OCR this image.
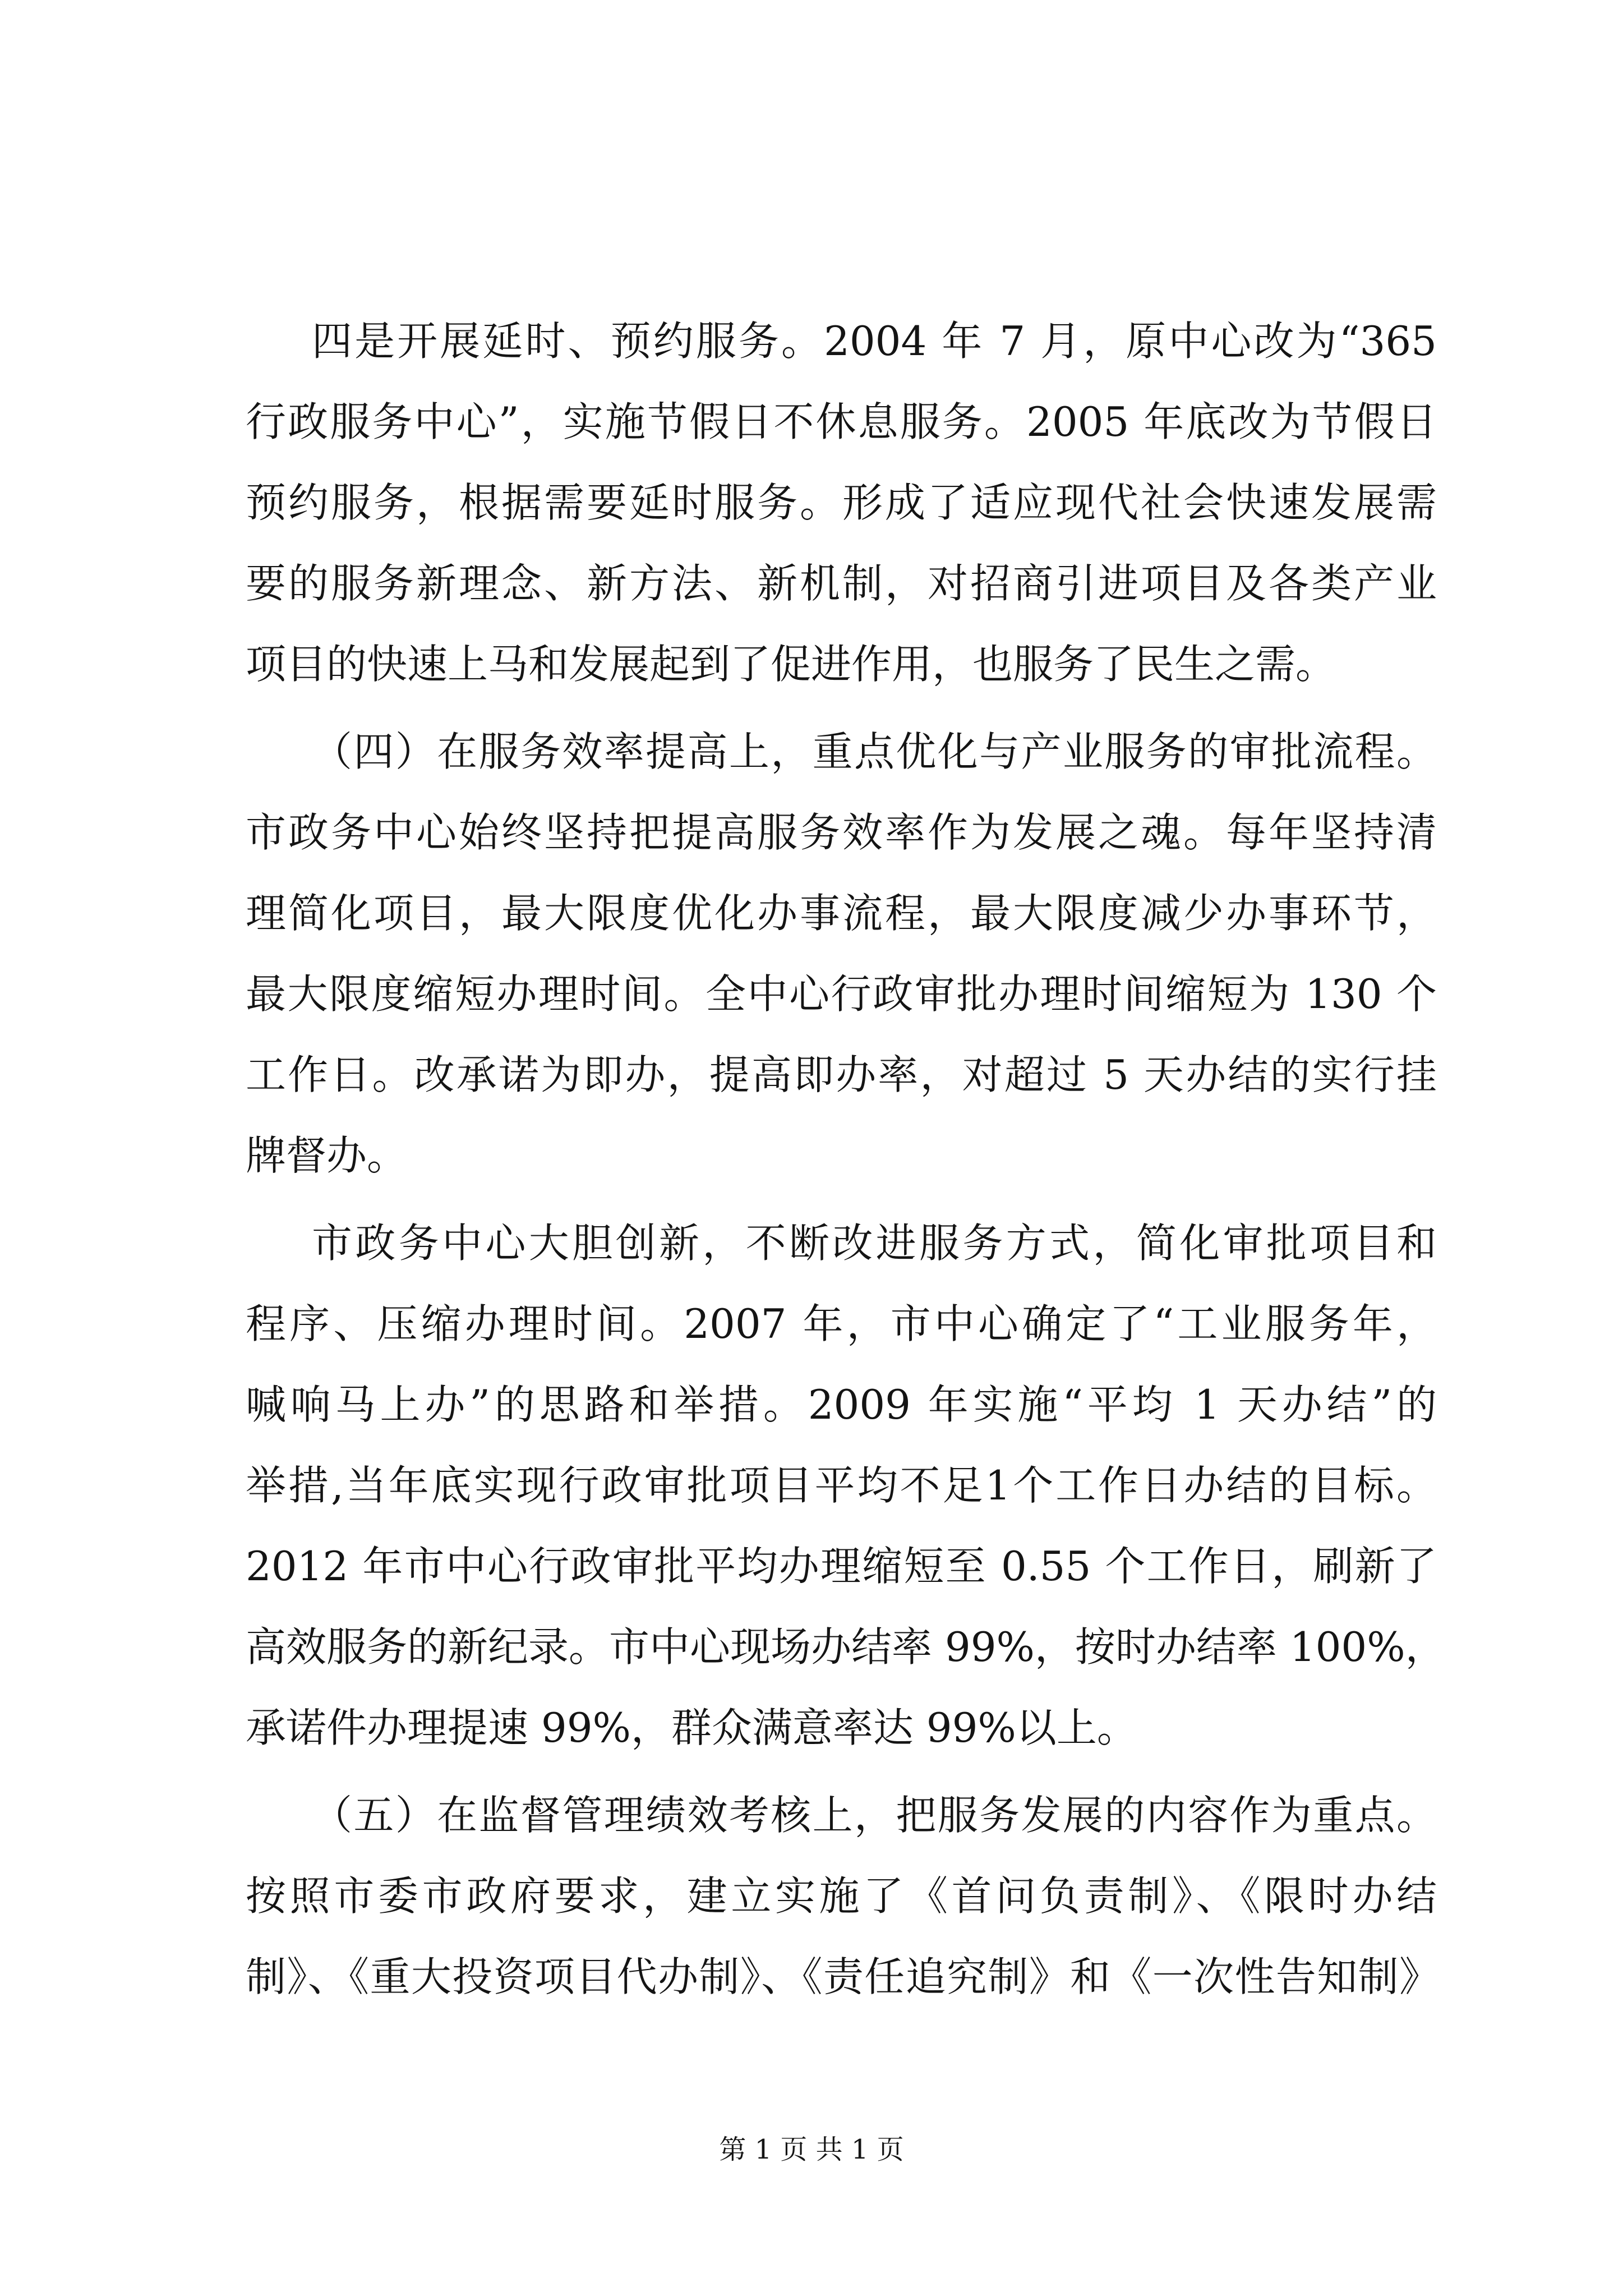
四是开展延时、预约服务。2004 年 7 月，原中心改为“365
行政服务中心”，实施节假日不休息服务。2005 年底改为节假日
预约服务，根据需要延时服务。形成了适应现代社会快速发展需
要的服务新理念、新方法、新机制，对招商引进项目及各类产业
项目的快速上马和发展起到了促进作用，也服务了民生之需。
（四）在服务效率提高上，重点优化与产业服务的审批流程。
市政务中心始终坚持把提高服务效率作为发展之魂。每年坚持清
理简化项目，最大限度优化办事流程，最大限度减少办事环节，
最大限度缩短办理时间。全中心行政审批办理时间缩短为 130 个
工作日。改承诺为即办，提高即办率，对超过 5 天办结的实行挂
牌督办。
市政务中心大胆创新，不断改进服务方式，简化审批项目和
程序、压缩办理时间。2007 年，市中心确定了“工业服务年，
喊响马上办”的思路和举措。2009 年实施“平均 1 天办结”的
举措,当年底实现行政审批项目平均不足1个工作日办结的目标。
2012 年市中心行政审批平均办理缩短至 0.55 个工作日，刷新了
高效服务的新纪录。市中心现场办结率 99%，按时办结率 100%，
承诺件办理提速 99%，群众满意率达 99%以上。
（五）在监督管理绩效考核上，把服务发展的内容作为重点。
按照市委市政府要求，建立实施了《首问负责制》、《限时办结
制》、《重大投资项目代办制》、《责任追究制》和《一次性告知制》
第 1 页 共 1 页
